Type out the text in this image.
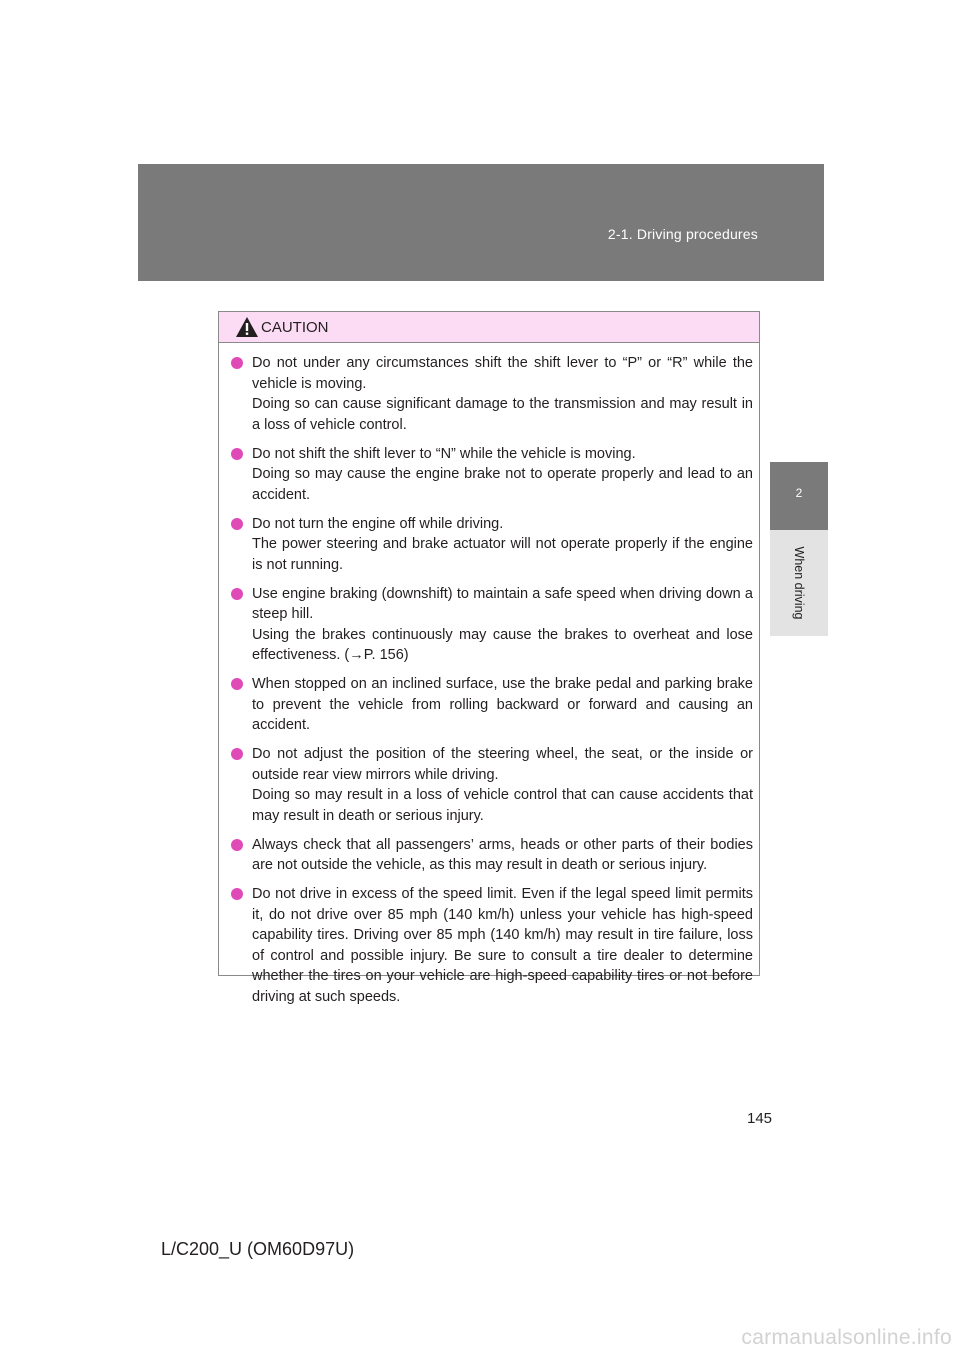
2-1. Driving procedures
2
When driving
CAUTION
Do not under any circumstances shift the shift lever to “P” or “R” while the vehicle is moving.
Doing so can cause significant damage to the transmission and may result in a loss of vehicle control.
Do not shift the shift lever to “N” while the vehicle is moving.
Doing so may cause the engine brake not to operate properly and lead to an accident.
Do not turn the engine off while driving.
The power steering and brake actuator will not operate properly if the engine is not running.
Use engine braking (downshift) to maintain a safe speed when driving down a steep hill.
Using the brakes continuously may cause the brakes to overheat and lose effectiveness. (→P. 156)
When stopped on an inclined surface, use the brake pedal and parking brake to prevent the vehicle from rolling backward or forward and causing an accident.
Do not adjust the position of the steering wheel, the seat, or the inside or outside rear view mirrors while driving.
Doing so may result in a loss of vehicle control that can cause accidents that may result in death or serious injury.
Always check that all passengers’ arms, heads or other parts of their bodies are not outside the vehicle, as this may result in death or serious injury.
Do not drive in excess of the speed limit. Even if the legal speed limit permits it, do not drive over 85 mph (140 km/h) unless your vehicle has high-speed capability tires. Driving over 85 mph (140 km/h) may result in tire failure, loss of control and possible injury. Be sure to consult a tire dealer to determine whether the tires on your vehicle are high-speed capability tires or not before driving at such speeds.
145
L/C200_U (OM60D97U)
carmanualsonline.info
